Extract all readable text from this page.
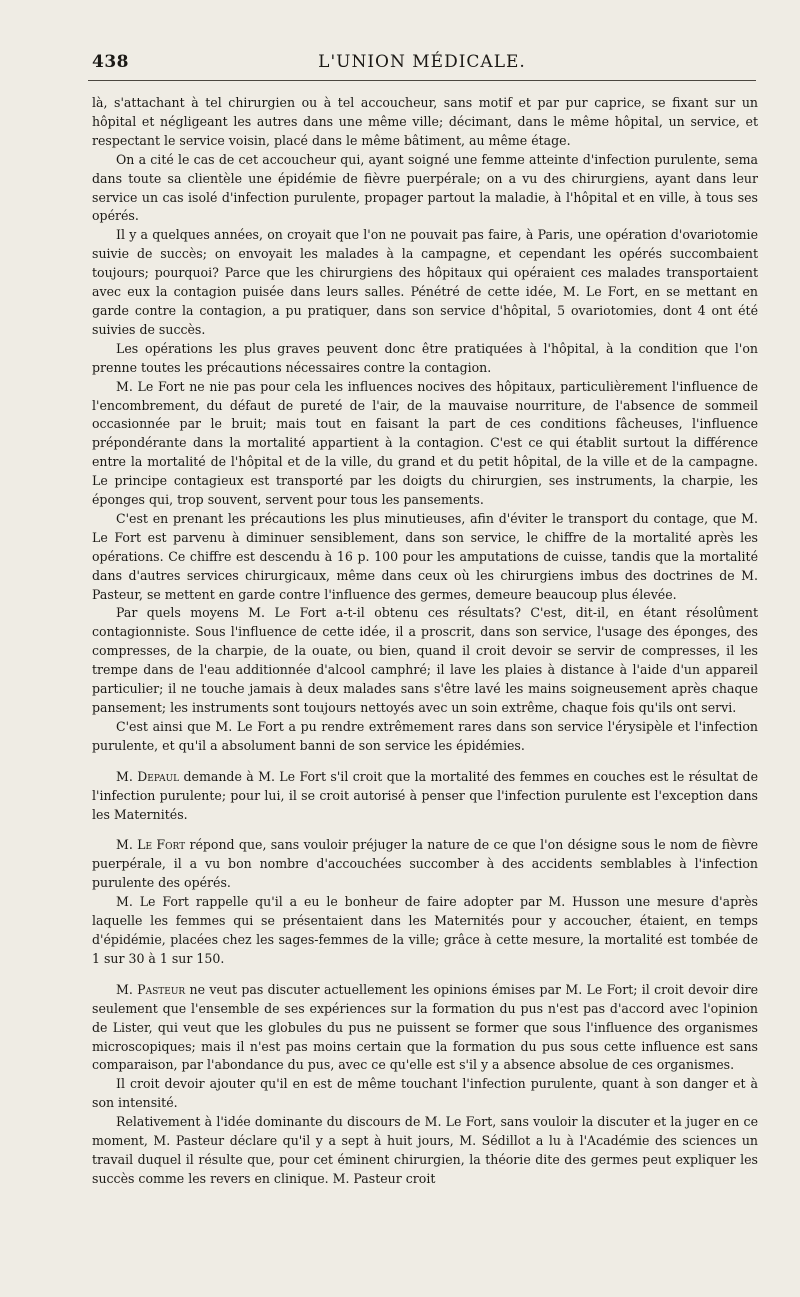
438	L'UNION MÉDICALE.

là, s'attachant à tel chirurgien ou à tel accoucheur, sans motif et par pur caprice, se fixant sur un hôpital et négligeant les autres dans une même ville; décimant, dans le même hôpital, un service, et respectant le service voisin, placé dans le même bâtiment, au même étage.

On a cité le cas de cet accoucheur qui, ayant soigné une femme atteinte d'infection purulente, sema dans toute sa clientèle une épidémie de fièvre puerpérale; on a vu des chirurgiens, ayant dans leur service un cas isolé d'infection purulente, propager partout la maladie, à l'hôpital et en ville, à tous ses opérés.

Il y a quelques années, on croyait que l'on ne pouvait pas faire, à Paris, une opération d'ovariotomie suivie de succès; on envoyait les malades à la campagne, et cependant les opérés succombaient toujours; pourquoi? Parce que les chirurgiens des hôpitaux qui opéraient ces malades transportaient avec eux la contagion puisée dans leurs salles. Pénétré de cette idée, M. Le Fort, en se mettant en garde contre la contagion, a pu pratiquer, dans son service d'hôpital, 5 ovariotomies, dont 4 ont été suivies de succès.

Les opérations les plus graves peuvent donc être pratiquées à l'hôpital, à la condition que l'on prenne toutes les précautions nécessaires contre la contagion.

M. Le Fort ne nie pas pour cela les influences nocives des hôpitaux, particulièrement l'influence de l'encombrement, du défaut de pureté de l'air, de la mauvaise nourriture, de l'absence de sommeil occasionnée par le bruit; mais tout en faisant la part de ces conditions fâcheuses, l'influence prépondérante dans la mortalité appartient à la contagion. C'est ce qui établit surtout la différence entre la mortalité de l'hôpital et de la ville, du grand et du petit hôpital, de la ville et de la campagne. Le principe contagieux est transporté par les doigts du chirurgien, ses instruments, la charpie, les éponges qui, trop souvent, servent pour tous les pansements.

C'est en prenant les précautions les plus minutieuses, afin d'éviter le transport du contage, que M. Le Fort est parvenu à diminuer sensiblement, dans son service, le chiffre de la mortalité après les opérations. Ce chiffre est descendu à 16 p. 100 pour les amputations de cuisse, tandis que la mortalité dans d'autres services chirurgicaux, même dans ceux où les chirurgiens imbus des doctrines de M. Pasteur, se mettent en garde contre l'influence des germes, demeure beaucoup plus élevée.

Par quels moyens M. Le Fort a-t-il obtenu ces résultats? C'est, dit-il, en étant résolûment contagionniste. Sous l'influence de cette idée, il a proscrit, dans son service, l'usage des éponges, des compresses, de la charpie, de la ouate, ou bien, quand il croit devoir se servir de compresses, il les trempe dans de l'eau additionnée d'alcool camphré; il lave les plaies à distance à l'aide d'un appareil particulier; il ne touche jamais à deux malades sans s'être lavé les mains soigneusement après chaque pansement; les instruments sont toujours nettoyés avec un soin extrême, chaque fois qu'ils ont servi.

C'est ainsi que M. Le Fort a pu rendre extrêmement rares dans son service l'érysipèle et l'infection purulente, et qu'il a absolument banni de son service les épidémies.

M. Depaul demande à M. Le Fort s'il croit que la mortalité des femmes en couches est le résultat de l'infection purulente; pour lui, il se croit autorisé à penser que l'infection purulente est l'exception dans les Maternités.

M. Le Fort répond que, sans vouloir préjuger la nature de ce que l'on désigne sous le nom de fièvre puerpérale, il a vu bon nombre d'accouchées succomber à des accidents semblables à l'infection purulente des opérés.

M. Le Fort rappelle qu'il a eu le bonheur de faire adopter par M. Husson une mesure d'après laquelle les femmes qui se présentaient dans les Maternités pour y accoucher, étaient, en temps d'épidémie, placées chez les sages-femmes de la ville; grâce à cette mesure, la mortalité est tombée de 1 sur 30 à 1 sur 150.

M. Pasteur ne veut pas discuter actuellement les opinions émises par M. Le Fort; il croit devoir dire seulement que l'ensemble de ses expériences sur la formation du pus n'est pas d'accord avec l'opinion de Lister, qui veut que les globules du pus ne puissent se former que sous l'influence des organismes microscopiques; mais il n'est pas moins certain que la formation du pus sous cette influence est sans comparaison, par l'abondance du pus, avec ce qu'elle est s'il y a absence absolue de ces organismes.

Il croit devoir ajouter qu'il en est de même touchant l'infection purulente, quant à son danger et à son intensité.

Relativement à l'idée dominante du discours de M. Le Fort, sans vouloir la discuter et la juger en ce moment, M. Pasteur déclare qu'il y a sept à huit jours, M. Sédillot a lu à l'Académie des sciences un travail duquel il résulte que, pour cet éminent chirurgien, la théorie dite des germes peut expliquer les succès comme les revers en clinique. M. Pasteur croit
